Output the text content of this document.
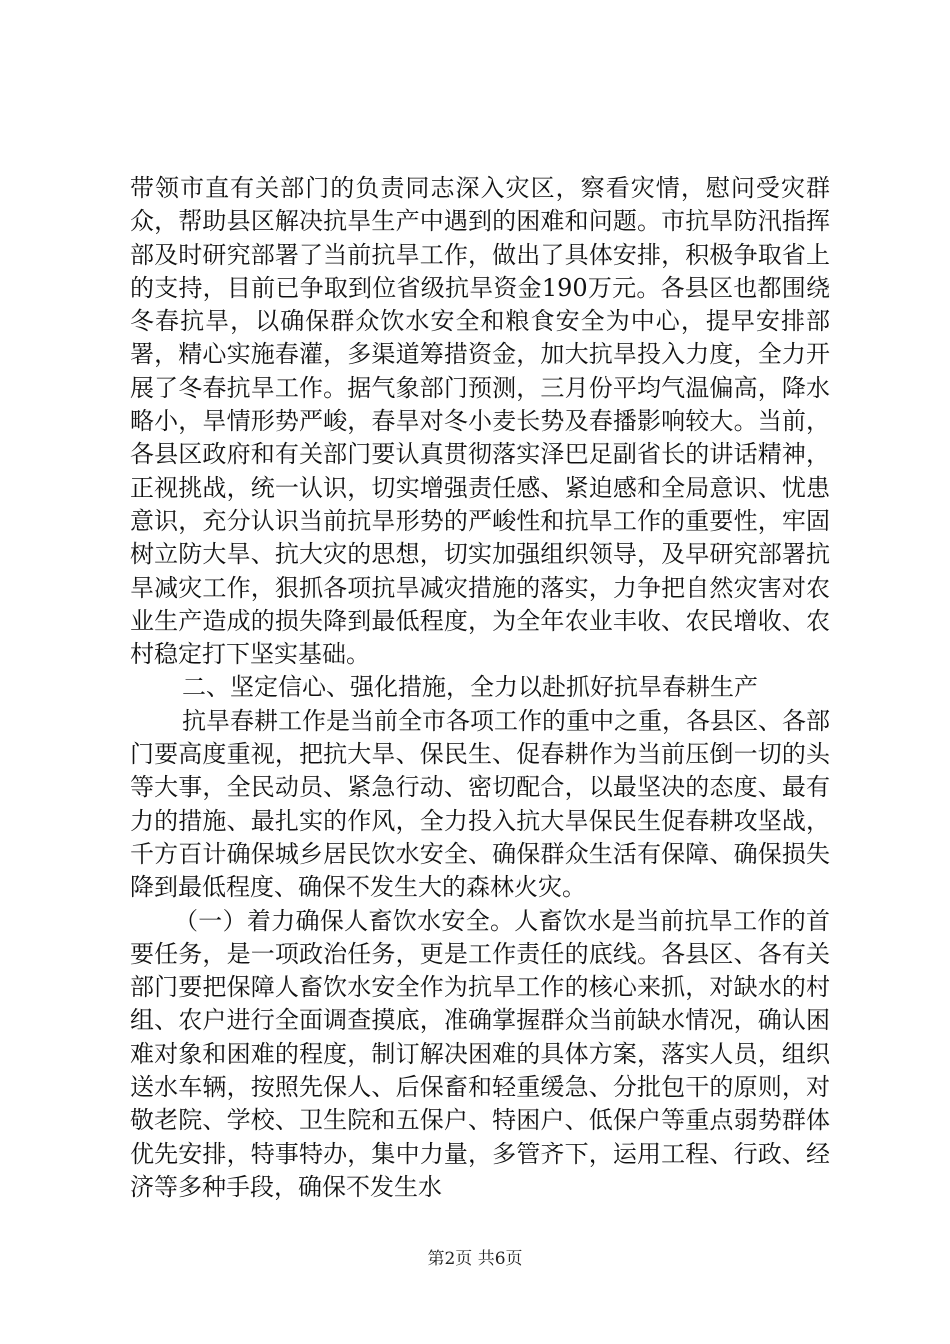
带领市直有关部门的负责同志深入灾区，察看灾情，慰问受灾群众，帮助县区解决抗旱生产中遇到的困难和问题。市抗旱防汛指挥部及时研究部署了当前抗旱工作，做出了具体安排，积极争取省上的支持，目前已争取到位省级抗旱资金190万元。各县区也都围绕冬春抗旱，以确保群众饮水安全和粮食安全为中心，提早安排部署，精心实施春灌，多渠道筹措资金，加大抗旱投入力度，全力开展了冬春抗旱工作。据气象部门预测，三月份平均气温偏高，降水略小，旱情形势严峻，春旱对冬小麦长势及春播影响较大。当前，各县区政府和有关部门要认真贯彻落实泽巴足副省长的讲话精神，正视挑战，统一认识，切实增强责任感、紧迫感和全局意识、忧患意识，充分认识当前抗旱形势的严峻性和抗旱工作的重要性，牢固树立防大旱、抗大灾的思想，切实加强组织领导，及早研究部署抗旱减灾工作，狠抓各项抗旱减灾措施的落实，力争把自然灾害对农业生产造成的损失降到最低程度，为全年农业丰收、农民增收、农村稳定打下坚实基础。

二、坚定信心、强化措施，全力以赴抓好抗旱春耕生产

抗旱春耕工作是当前全市各项工作的重中之重，各县区、各部门要高度重视，把抗大旱、保民生、促春耕作为当前压倒一切的头等大事，全民动员、紧急行动、密切配合，以最坚决的态度、最有力的措施、最扎实的作风，全力投入抗大旱保民生促春耕攻坚战，千方百计确保城乡居民饮水安全、确保群众生活有保障、确保损失降到最低程度、确保不发生大的森林火灾。

（一）着力确保人畜饮水安全。人畜饮水是当前抗旱工作的首要任务，是一项政治任务，更是工作责任的底线。各县区、各有关部门要把保障人畜饮水安全作为抗旱工作的核心来抓，对缺水的村组、农户进行全面调查摸底，准确掌握群众当前缺水情况，确认困难对象和困难的程度，制订解决困难的具体方案，落实人员，组织送水车辆，按照先保人、后保畜和轻重缓急、分批包干的原则，对敬老院、学校、卫生院和五保户、特困户、低保户等重点弱势群体优先安排，特事特办，集中力量，多管齐下，运用工程、行政、经济等多种手段，确保不发生水

第2页 共6页
